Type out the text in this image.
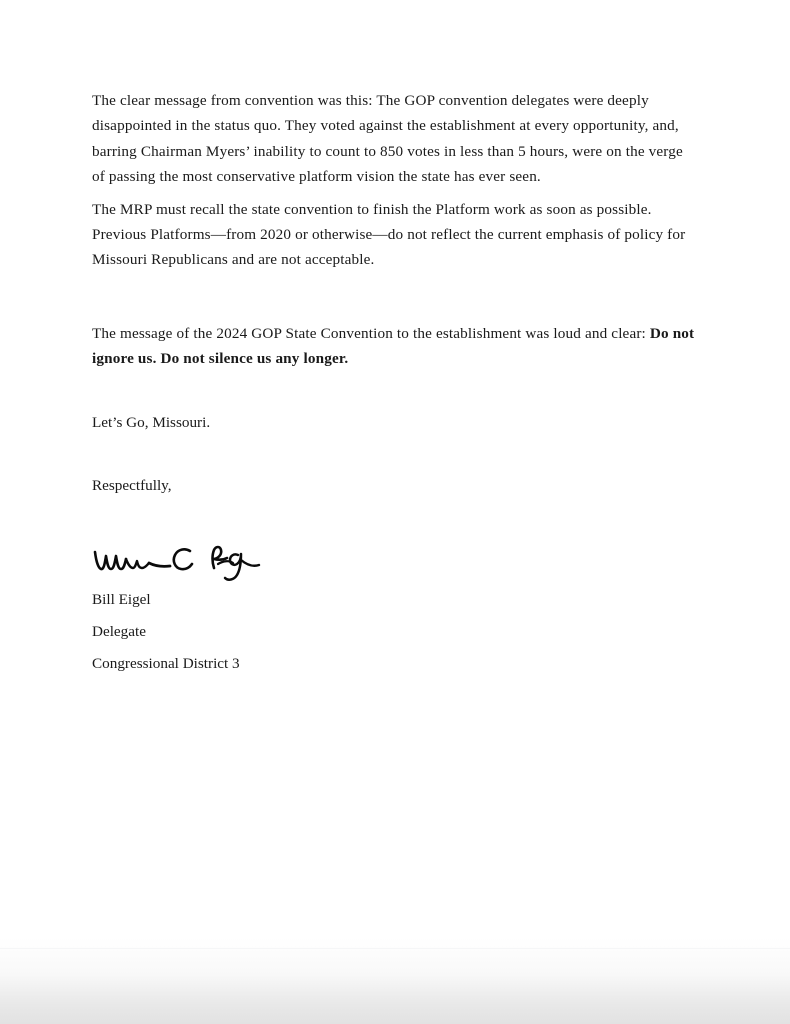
The clear message from convention was this: The GOP convention delegates were deeply disappointed in the status quo. They voted against the establishment at every opportunity, and, barring Chairman Myers’ inability to count to 850 votes in less than 5 hours, were on the verge of passing the most conservative platform vision the state has ever seen.

The MRP must recall the state convention to finish the Platform work as soon as possible. Previous Platforms—from 2020 or otherwise—do not reflect the current emphasis of policy for Missouri Republicans and are not acceptable.

The message of the 2024 GOP State Convention to the establishment was loud and clear: Do not ignore us. Do not silence us any longer.

Let’s Go, Missouri.

Respectfully,

Bill Eigel

Delegate

Congressional District 3
